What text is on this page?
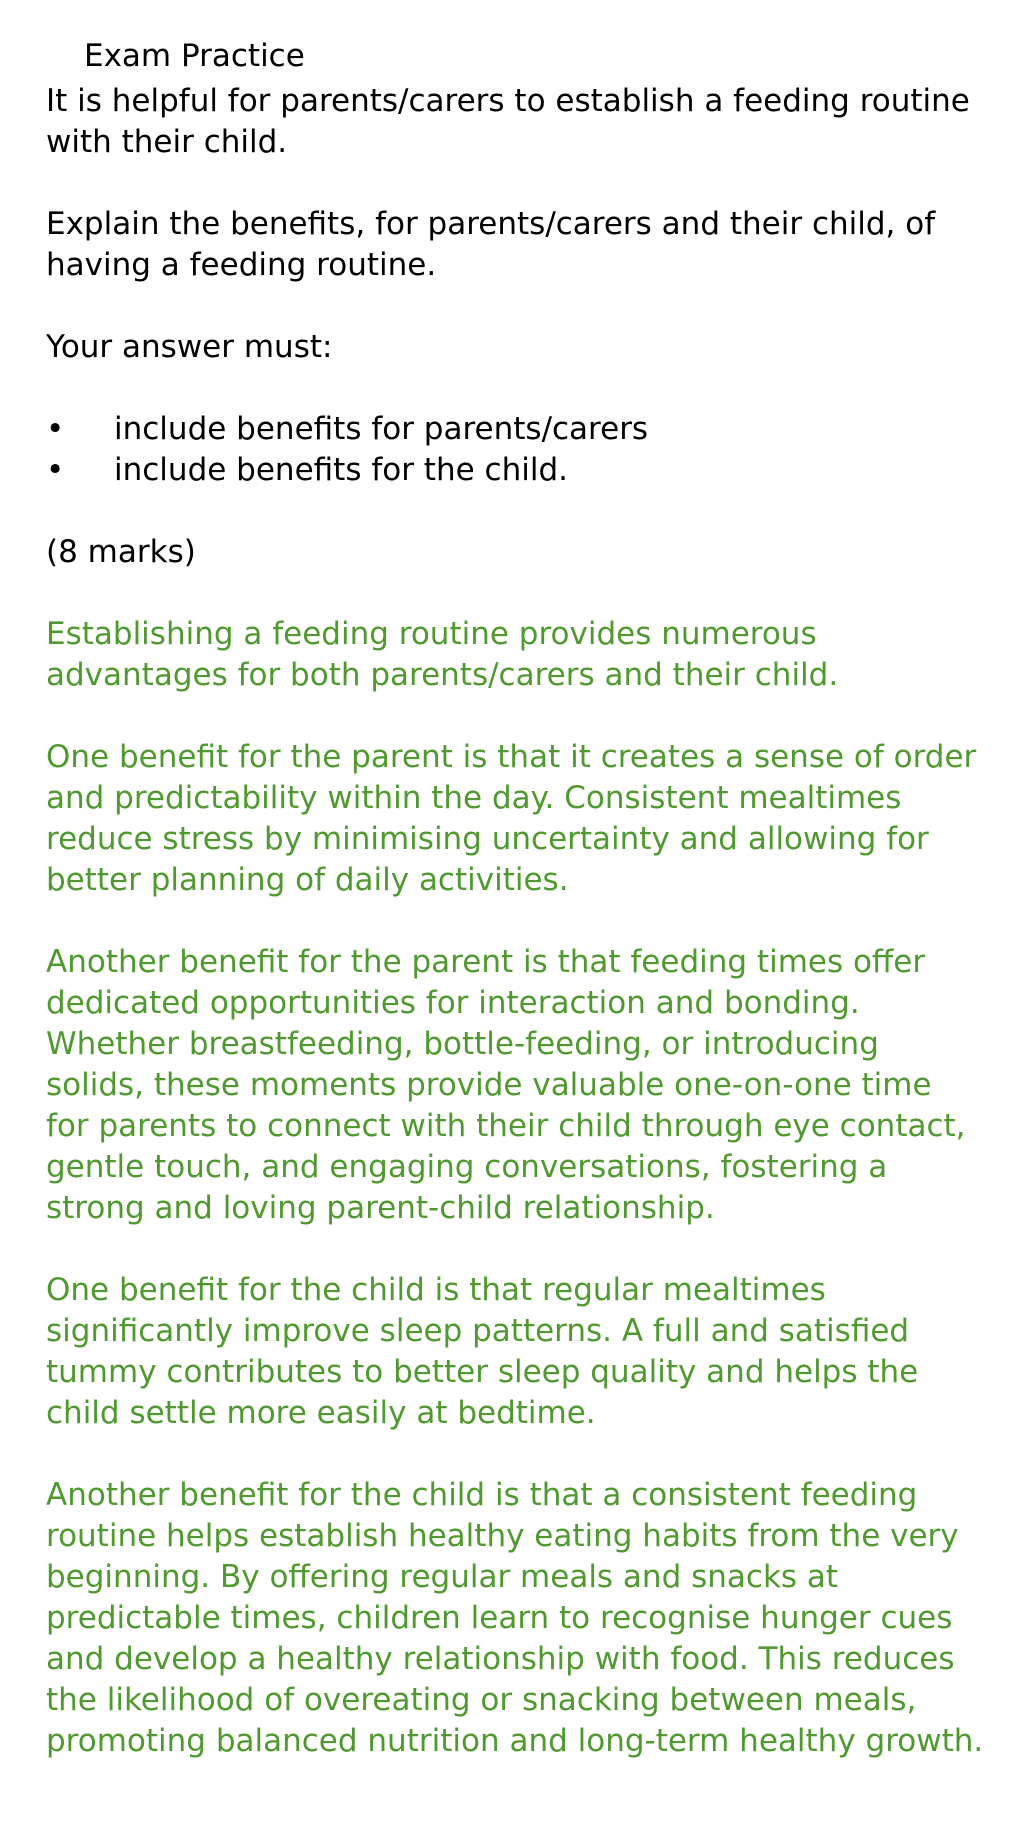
Exam Practice

It is helpful for parents/carers to establish a feeding routine with their child.

Explain the benefits, for parents/carers and their child, of having a feeding routine.

Your answer must:

• include benefits for parents/carers
• include benefits for the child.

(8 marks)

Establishing a feeding routine provides numerous advantages for both parents/carers and their child.

One benefit for the parent is that it creates a sense of order and predictability within the day. Consistent mealtimes reduce stress by minimising uncertainty and allowing for better planning of daily activities.

Another benefit for the parent is that feeding times offer dedicated opportunities for interaction and bonding. Whether breastfeeding, bottle-feeding, or introducing solids, these moments provide valuable one-on-one time for parents to connect with their child through eye contact, gentle touch, and engaging conversations, fostering a strong and loving parent-child relationship.

One benefit for the child is that regular mealtimes significantly improve sleep patterns. A full and satisfied tummy contributes to better sleep quality and helps the child settle more easily at bedtime.

Another benefit for the child is that a consistent feeding routine helps establish healthy eating habits from the very beginning. By offering regular meals and snacks at predictable times, children learn to recognise hunger cues and develop a healthy relationship with food. This reduces the likelihood of overeating or snacking between meals, promoting balanced nutrition and long-term healthy growth.
